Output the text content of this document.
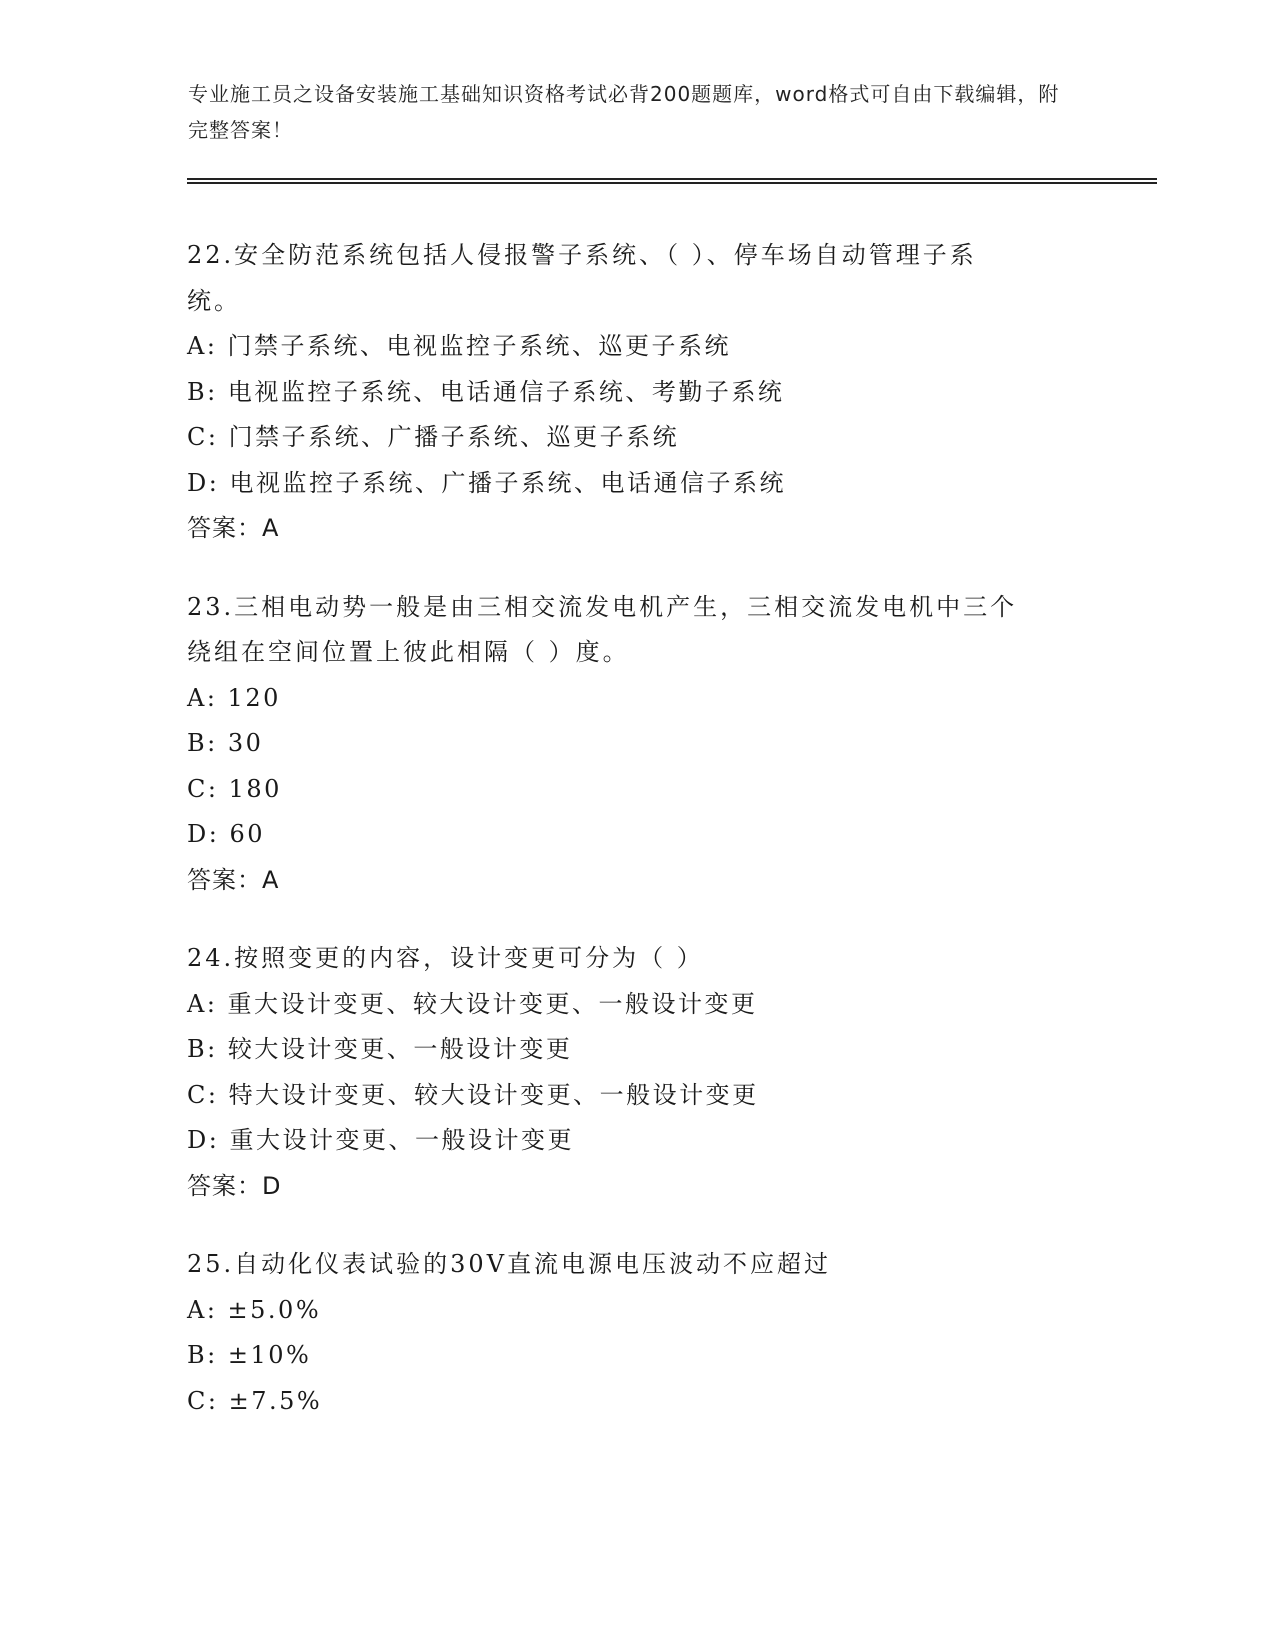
专业施工员之设备安装施工基础知识资格考试必背200题题库，word格式可自由下载编辑，附完整答案！

22.安全防范系统包括人侵报警子系统、（ ）、停车场自动管理子系

统。

A: 门禁子系统、电视监控子系统、巡更子系统

B: 电视监控子系统、电话通信子系统、考勤子系统

C: 门禁子系统、广播子系统、巡更子系统

D: 电视监控子系统、广播子系统、电话通信子系统

答案：A

23.三相电动势一般是由三相交流发电机产生，三相交流发电机中三个

绕组在空间位置上彼此相隔（ ）度。

A: 120

B: 30

C: 180

D: 60

答案：A

24.按照变更的内容，设计变更可分为（ ）

A: 重大设计变更、较大设计变更、一般设计变更

B: 较大设计变更、一般设计变更

C: 特大设计变更、较大设计变更、一般设计变更

D: 重大设计变更、一般设计变更

答案：D

25.自动化仪表试验的30V直流电源电压波动不应超过

A: ±5.0%

B: ±10%

C: ±7.5%
